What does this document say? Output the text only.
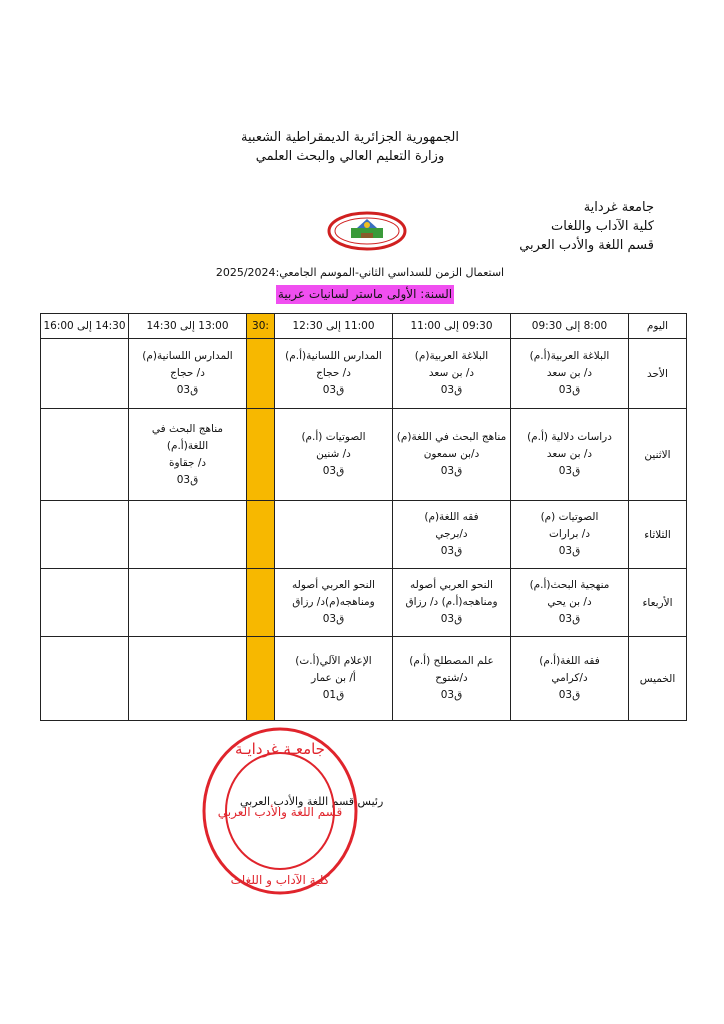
الجمهورية الجزائرية الديمقراطية الشعبية
وزارة التعليم العالي والبحث العلمي
جامعة غرداية
كلية الآداب واللغات
قسم اللغة والأدب العربي
استعمال الزمن للسداسي الثاني-الموسم الجامعي:2025/2024
السنة: الأولى ماستر لسانيات عربية
اليوم	8:00 إلى 09:30	09:30 إلى 11:00	11:00 إلى 12:30	:30	13:00 إلى 14:30	14:30 إلى 16:00
الأحد	البلاغة العربية(أ.م)
د/ بن سعد
ق03	البلاغة العربية(م)
د/ بن سعد
ق03	المدارس اللسانية(أ.م)
د/ حجاج
ق03		المدارس اللسانية(م)
د/ حجاج
ق03	

الاثنين	دراسات دلالية (أ.م)
د/ بن سعد
ق03	مناهج البحث في اللغة(م)
د/بن سمعون
ق03	الصوتيات (أ.م)
د/ شنين
ق03		مناهج البحث في
اللغة(أ.م)
د/ جقاوة
ق03	

الثلاثاء	الصوتيات (م)
د/ برارات
ق03	فقه اللغة(م)
د/برجي
ق03				

الأربعاء	منهجية البحث(أ.م)
د/ بن يحي
ق03	النحو العربي أصوله
ومناهجه(أ.م) د/ رزاق
ق03	النحو العربي أصوله
ومناهجه(م)د/ رزاق
ق03			

الخميس	فقه اللغة(أ.م)
د/كرامي
ق03	علم المصطلح (أ.م)
د/شتوح
ق03	الإعلام الآلي(أ.ت)
أ/ بن عمار
ق01			

رئيس قسم اللغة والأدب العربي
جامعـة غردايـة
قسم اللغة والأدب العربي
كلية الآداب و اللغات
